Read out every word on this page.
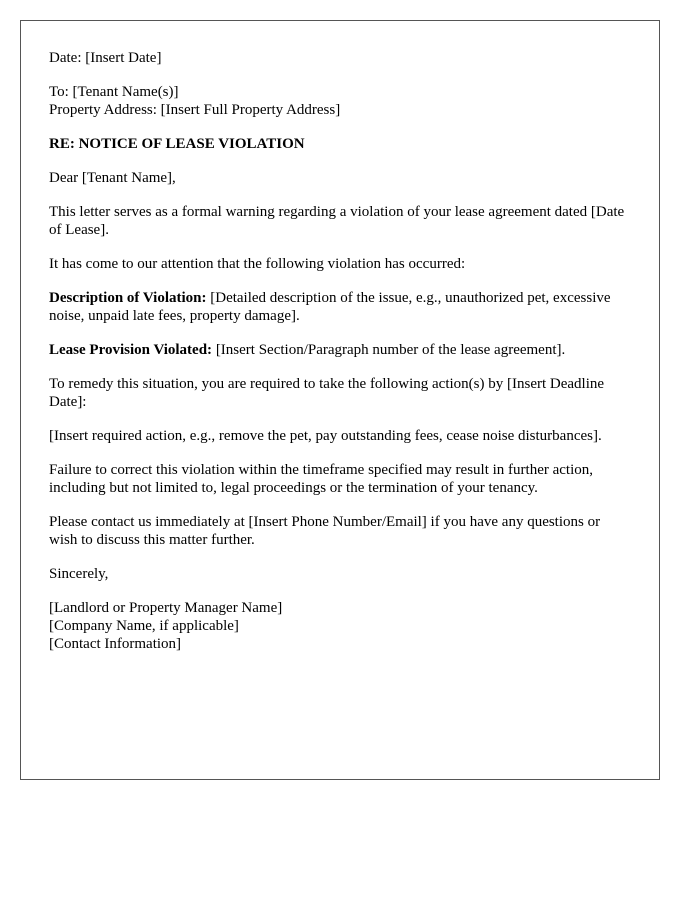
Date: [Insert Date]

To: [Tenant Name(s)]
Property Address: [Insert Full Property Address]

RE: NOTICE OF LEASE VIOLATION

Dear [Tenant Name],

This letter serves as a formal warning regarding a violation of your lease agreement dated [Date of Lease].

It has come to our attention that the following violation has occurred:

Description of Violation: [Detailed description of the issue, e.g., unauthorized pet, excessive noise, unpaid late fees, property damage].

Lease Provision Violated: [Insert Section/Paragraph number of the lease agreement].

To remedy this situation, you are required to take the following action(s) by [Insert Deadline Date]:

[Insert required action, e.g., remove the pet, pay outstanding fees, cease noise disturbances].

Failure to correct this violation within the timeframe specified may result in further action, including but not limited to, legal proceedings or the termination of your tenancy.

Please contact us immediately at [Insert Phone Number/Email] if you have any questions or wish to discuss this matter further.

Sincerely,

[Landlord or Property Manager Name]
[Company Name, if applicable]
[Contact Information]
